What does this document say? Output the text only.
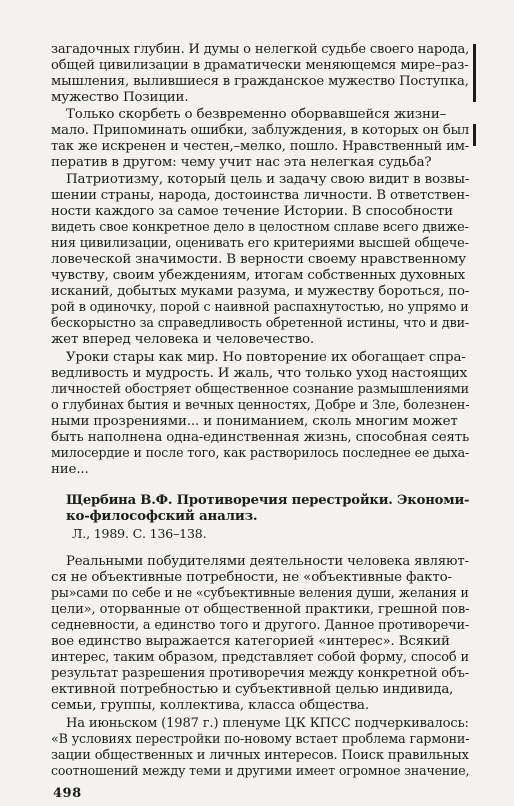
загадочных глубин. И думы о нелегкой судьбе своего народа,
общей цивилизации в драматически меняющемся мире–раз-
мышления, вылившиеся в гражданское мужество Поступка,
мужество Позиции.
Только скорбеть о безвременно оборвавшейся жизни–
мало. Припоминать ошибки, заблуждения, в которых он был
так же искренен и честен,–мелко, пошло. Нравственный им-
ператив в другом: чему учит нас эта нелегкая судьба?
Патриотизму, который цель и задачу свою видит в возвы-
шении страны, народа, достоинства личности. В ответствен-
ности каждого за самое течение Истории. В способности
видеть свое конкретное дело в целостном сплаве всего движе-
ния цивилизации, оценивать его критериями высшей общече-
ловеческой значимости. В верности своему нравственному
чувству, своим убеждениям, итогам собственных духовных
исканий, добытых муками разума, и мужеству бороться, по-
рой в одиночку, порой с наивной распахнутостью, но упрямо и
бескорыстно за справедливость обретенной истины, что и дви-
жет вперед человека и человечество.
Уроки стары как мир. Но повторение их обогащает спра-
ведливость и мудрость. И жаль, что только уход настоящих
личностей обостряет общественное сознание размышлениями
о глубинах бытия и вечных ценностях, Добре и Зле, болезнен-
ными прозрениями... и пониманием, сколь многим может
быть наполнена одна-единственная жизнь, способная сеять
милосердие и после того, как растворилось последнее ее дыха-
ние...
Щербина В.Ф. Противоречия перестройки. Экономи-
ко-философский анализ.
Л., 1989. С. 136–138.
Реальными побудителями деятельности человека являют-
ся не объективные потребности, не «объективные факто-
ры»сами по себе и не «субъективные веления души, желания и
цели», оторванные от общественной практики, грешной пов-
седневности, а единство того и другого. Данное противоречи-
вое единство выражается категорией «интерес». Всякий
интерес, таким образом, представляет собой форму, способ и
результат разрешения противоречия между конкретной объ-
ективной потребностью и субъективной целью индивида,
семьи, группы, коллектива, класса общества.
На июньском (1987 г.) пленуме ЦК КПСС подчеркивалось:
«В условиях перестройки по-новому встает проблема гармони-
зации общественных и личных интересов. Поиск правильных
соотношений между теми и другими имеет огромное значение,
498
